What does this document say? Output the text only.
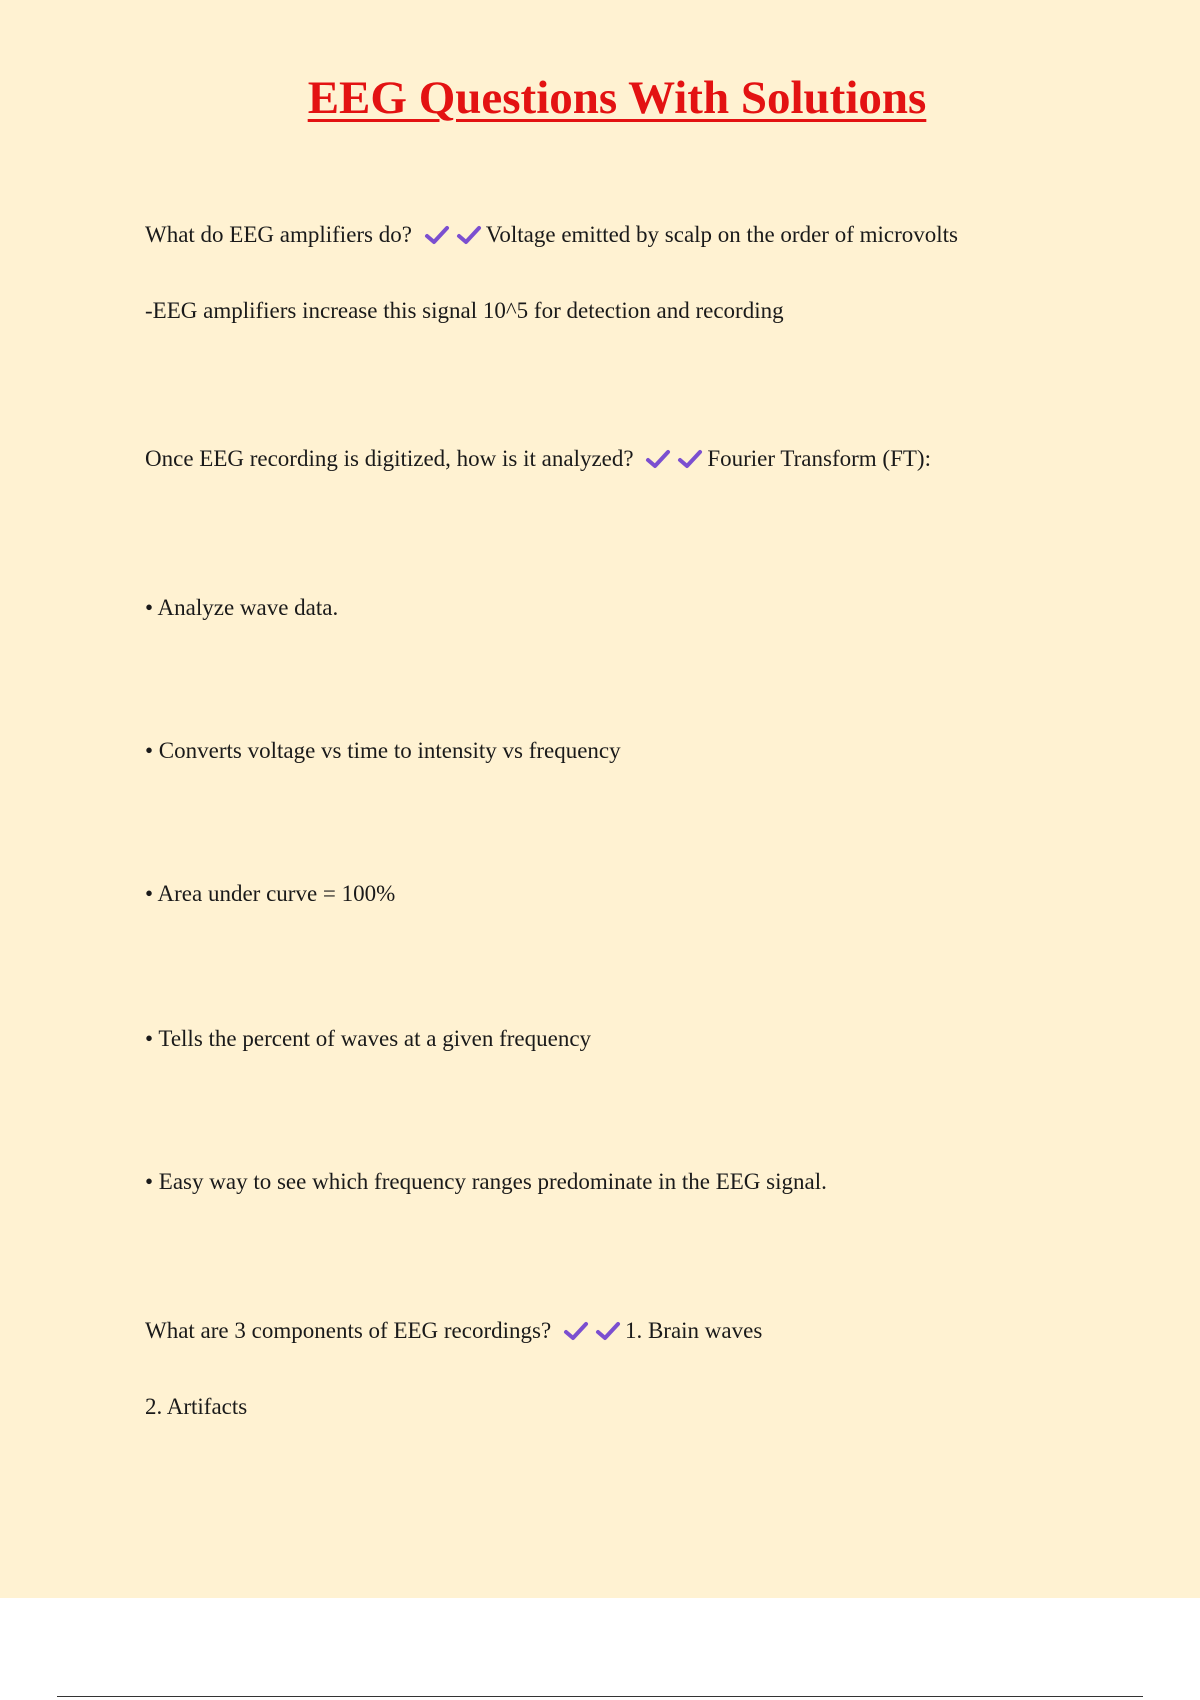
EEG Questions With Solutions

What do EEG amplifiers do?	Voltage emitted by scalp on the order of microvolts

-EEG amplifiers increase this signal 10^5 for detection and recording

Once EEG recording is digitized, how is it analyzed?	Fourier Transform (FT):

• Analyze wave data.

• Converts voltage vs time to intensity vs frequency

• Area under curve = 100%

• Tells the percent of waves at a given frequency

• Easy way to see which frequency ranges predominate in the EEG signal.

What are 3 components of EEG recordings?	1. Brain waves

2. Artifacts
